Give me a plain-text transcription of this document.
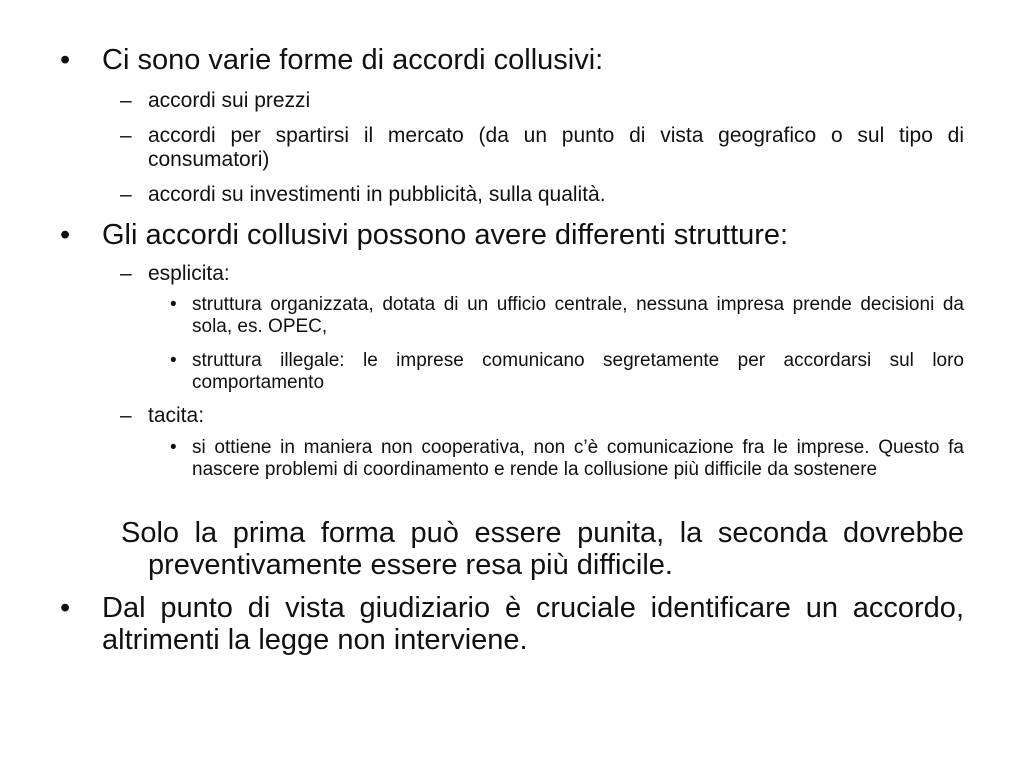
• Ci sono varie forme di accordi collusivi:
– accordi sui prezzi
– accordi per spartirsi il mercato (da un punto di vista geografico o sul tipo di consumatori)
– accordi su investimenti in pubblicità, sulla qualità.
• Gli accordi collusivi possono avere differenti strutture:
– esplicita:
• struttura organizzata, dotata di un ufficio centrale, nessuna impresa prende decisioni da sola, es. OPEC,
• struttura illegale: le imprese comunicano segretamente per accordarsi sul loro comportamento
– tacita:
• si ottiene in maniera non cooperativa, non c’è comunicazione fra le imprese. Questo fa nascere problemi di coordinamento e rende la collusione più difficile da sostenere
Solo la prima forma può essere punita, la seconda dovrebbe preventivamente essere resa più difficile.
• Dal punto di vista giudiziario è cruciale identificare un accordo, altrimenti la legge non interviene.
